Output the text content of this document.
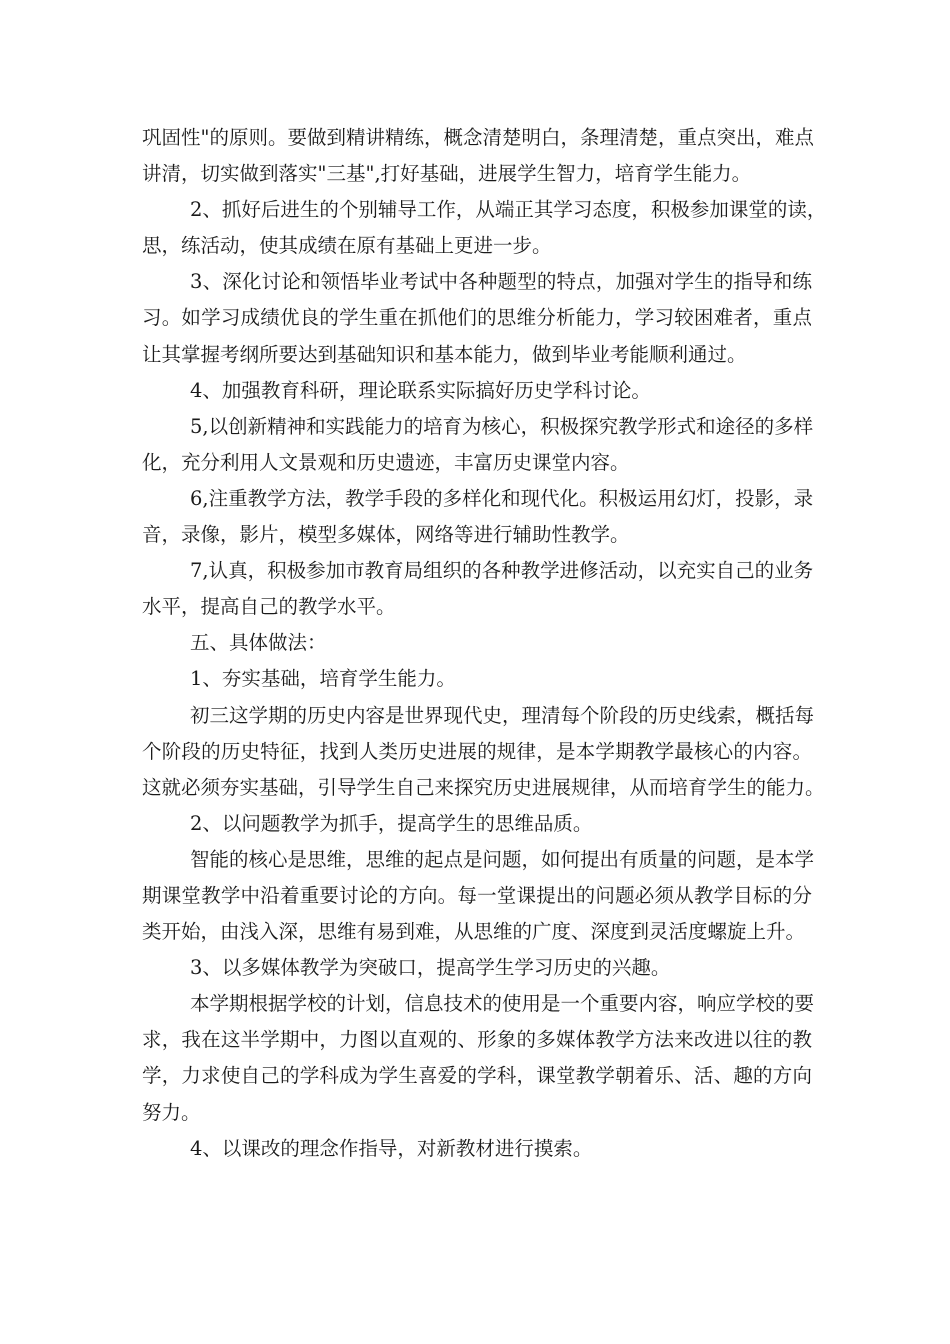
巩固性"的原则。要做到精讲精练，概念清楚明白，条理清楚，重点突出，难点
讲清，切实做到落实"三基",打好基础，进展学生智力，培育学生能力。
2、抓好后进生的个别辅导工作，从端正其学习态度，积极参加课堂的读，
思，练活动，使其成绩在原有基础上更进一步。
3、深化讨论和领悟毕业考试中各种题型的特点，加强对学生的指导和练
习。如学习成绩优良的学生重在抓他们的思维分析能力，学习较困难者，重点
让其掌握考纲所要达到基础知识和基本能力，做到毕业考能顺利通过。
4、加强教育科研，理论联系实际搞好历史学科讨论。
5,以创新精神和实践能力的培育为核心，积极探究教学形式和途径的多样
化，充分利用人文景观和历史遗迹，丰富历史课堂内容。
6,注重教学方法，教学手段的多样化和现代化。积极运用幻灯，投影，录
音，录像，影片，模型多媒体，网络等进行辅助性教学。
7,认真，积极参加市教育局组织的各种教学进修活动，以充实自己的业务
水平，提高自己的教学水平。
五、具体做法：
1、夯实基础，培育学生能力。
初三这学期的历史内容是世界现代史，理清每个阶段的历史线索，概括每
个阶段的历史特征，找到人类历史进展的规律，是本学期教学最核心的内容。
这就必须夯实基础，引导学生自己来探究历史进展规律，从而培育学生的能力。
2、以问题教学为抓手，提高学生的思维品质。
智能的核心是思维，思维的起点是问题，如何提出有质量的问题，是本学
期课堂教学中沿着重要讨论的方向。每一堂课提出的问题必须从教学目标的分
类开始，由浅入深，思维有易到难，从思维的广度、深度到灵活度螺旋上升。
3、以多媒体教学为突破口，提高学生学习历史的兴趣。
本学期根据学校的计划，信息技术的使用是一个重要内容，响应学校的要
求，我在这半学期中，力图以直观的、形象的多媒体教学方法来改进以往的教
学，力求使自己的学科成为学生喜爱的学科，课堂教学朝着乐、活、趣的方向
努力。
4、以课改的理念作指导，对新教材进行摸索。
